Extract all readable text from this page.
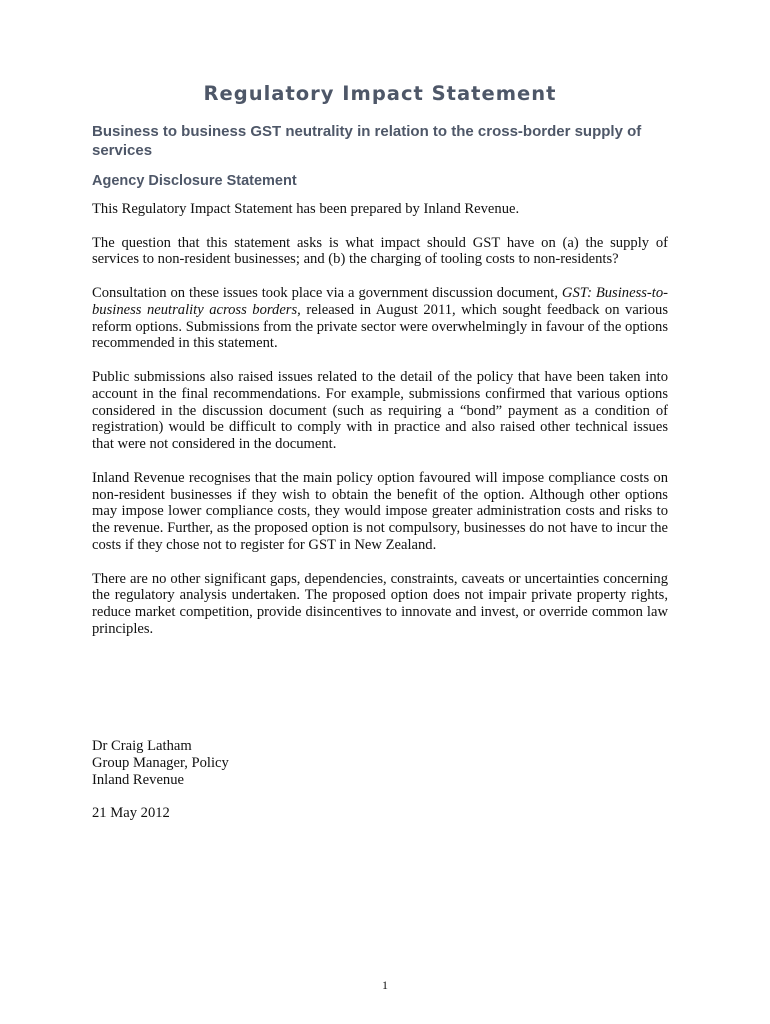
Regulatory Impact Statement
Business to business GST neutrality in relation to the cross-border supply of services
Agency Disclosure Statement

This Regulatory Impact Statement has been prepared by Inland Revenue.

The question that this statement asks is what impact should GST have on (a) the supply of services to non-resident businesses; and (b) the charging of tooling costs to non-residents?

Consultation on these issues took place via a government discussion document, GST: Business-to-business neutrality across borders, released in August 2011, which sought feedback on various reform options. Submissions from the private sector were overwhelmingly in favour of the options recommended in this statement.

Public submissions also raised issues related to the detail of the policy that have been taken into account in the final recommendations. For example, submissions confirmed that various options considered in the discussion document (such as requiring a “bond” payment as a condition of registration) would be difficult to comply with in practice and also raised other technical issues that were not considered in the document.

Inland Revenue recognises that the main policy option favoured will impose compliance costs on non-resident businesses if they wish to obtain the benefit of the option. Although other options may impose lower compliance costs, they would impose greater administration costs and risks to the revenue. Further, as the proposed option is not compulsory, businesses do not have to incur the costs if they chose not to register for GST in New Zealand.

There are no other significant gaps, dependencies, constraints, caveats or uncertainties concerning the regulatory analysis undertaken. The proposed option does not impair private property rights, reduce market competition, provide disincentives to innovate and invest, or override common law principles.

Dr Craig Latham
Group Manager, Policy
Inland Revenue
21 May 2012
1
